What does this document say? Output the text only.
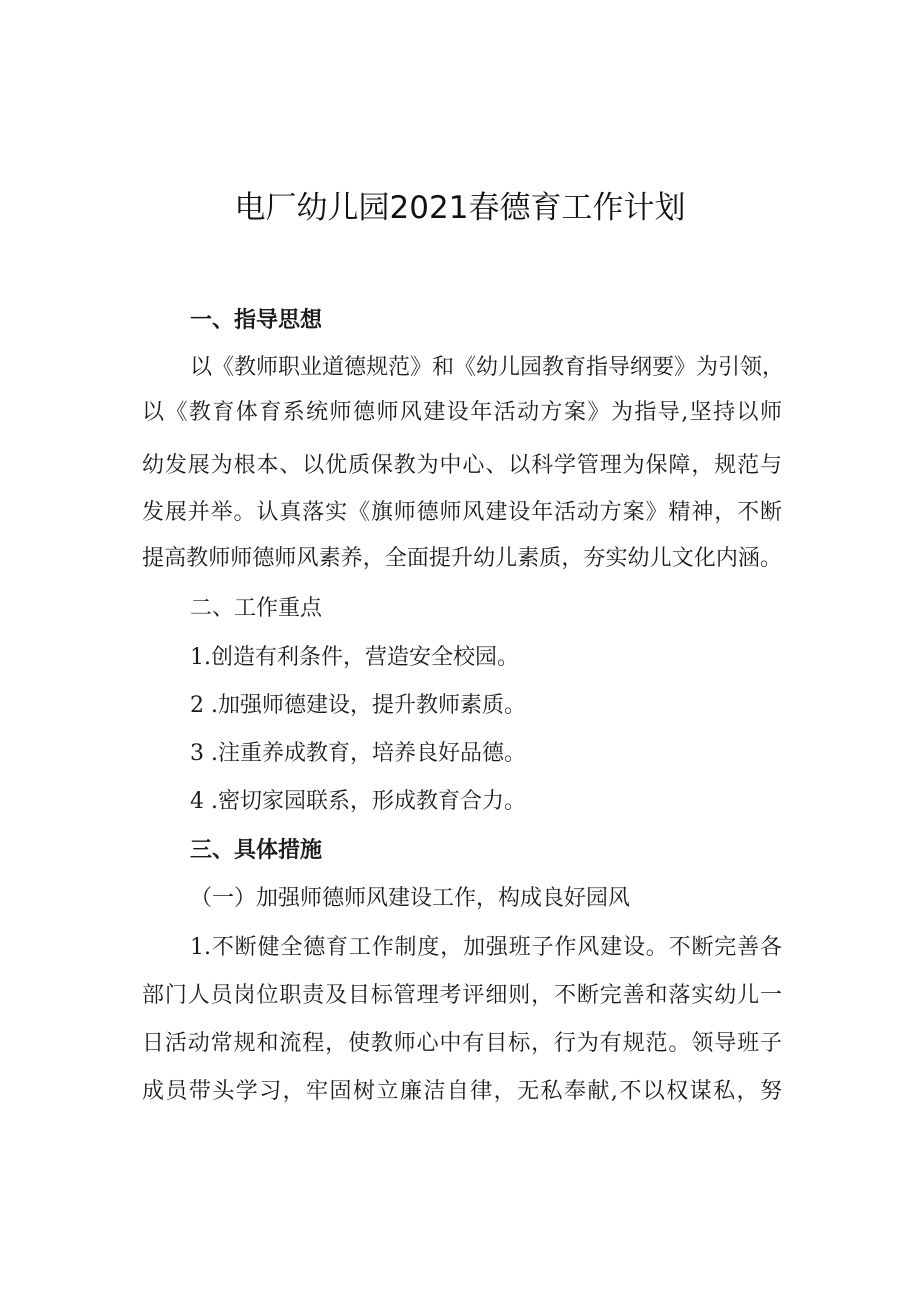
电厂幼儿园2021春德育工作计划
一、指导思想
以《教师职业道德规范》和《幼儿园教育指导纲要》为引领，
以《教育体育系统师德师风建设年活动方案》为指导,坚持以师
幼发展为根本、以优质保教为中心、以科学管理为保障，规范与
发展并举。认真落实《旗师德师风建设年活动方案》精神，不断
提高教师师德师风素养，全面提升幼儿素质，夯实幼儿文化内涵。
二、工作重点
1.创造有利条件，营造安全校园。
2 .加强师德建设，提升教师素质。
3 .注重养成教育，培养良好品德。
4 .密切家园联系，形成教育合力。
三、具体措施
（一）加强师德师风建设工作，构成良好园风
1.不断健全德育工作制度，加强班子作风建设。不断完善各
部门人员岗位职责及目标管理考评细则，不断完善和落实幼儿一
日活动常规和流程，使教师心中有目标，行为有规范。领导班子
成员带头学习，牢固树立廉洁自律，无私奉献,不以权谋私，努
